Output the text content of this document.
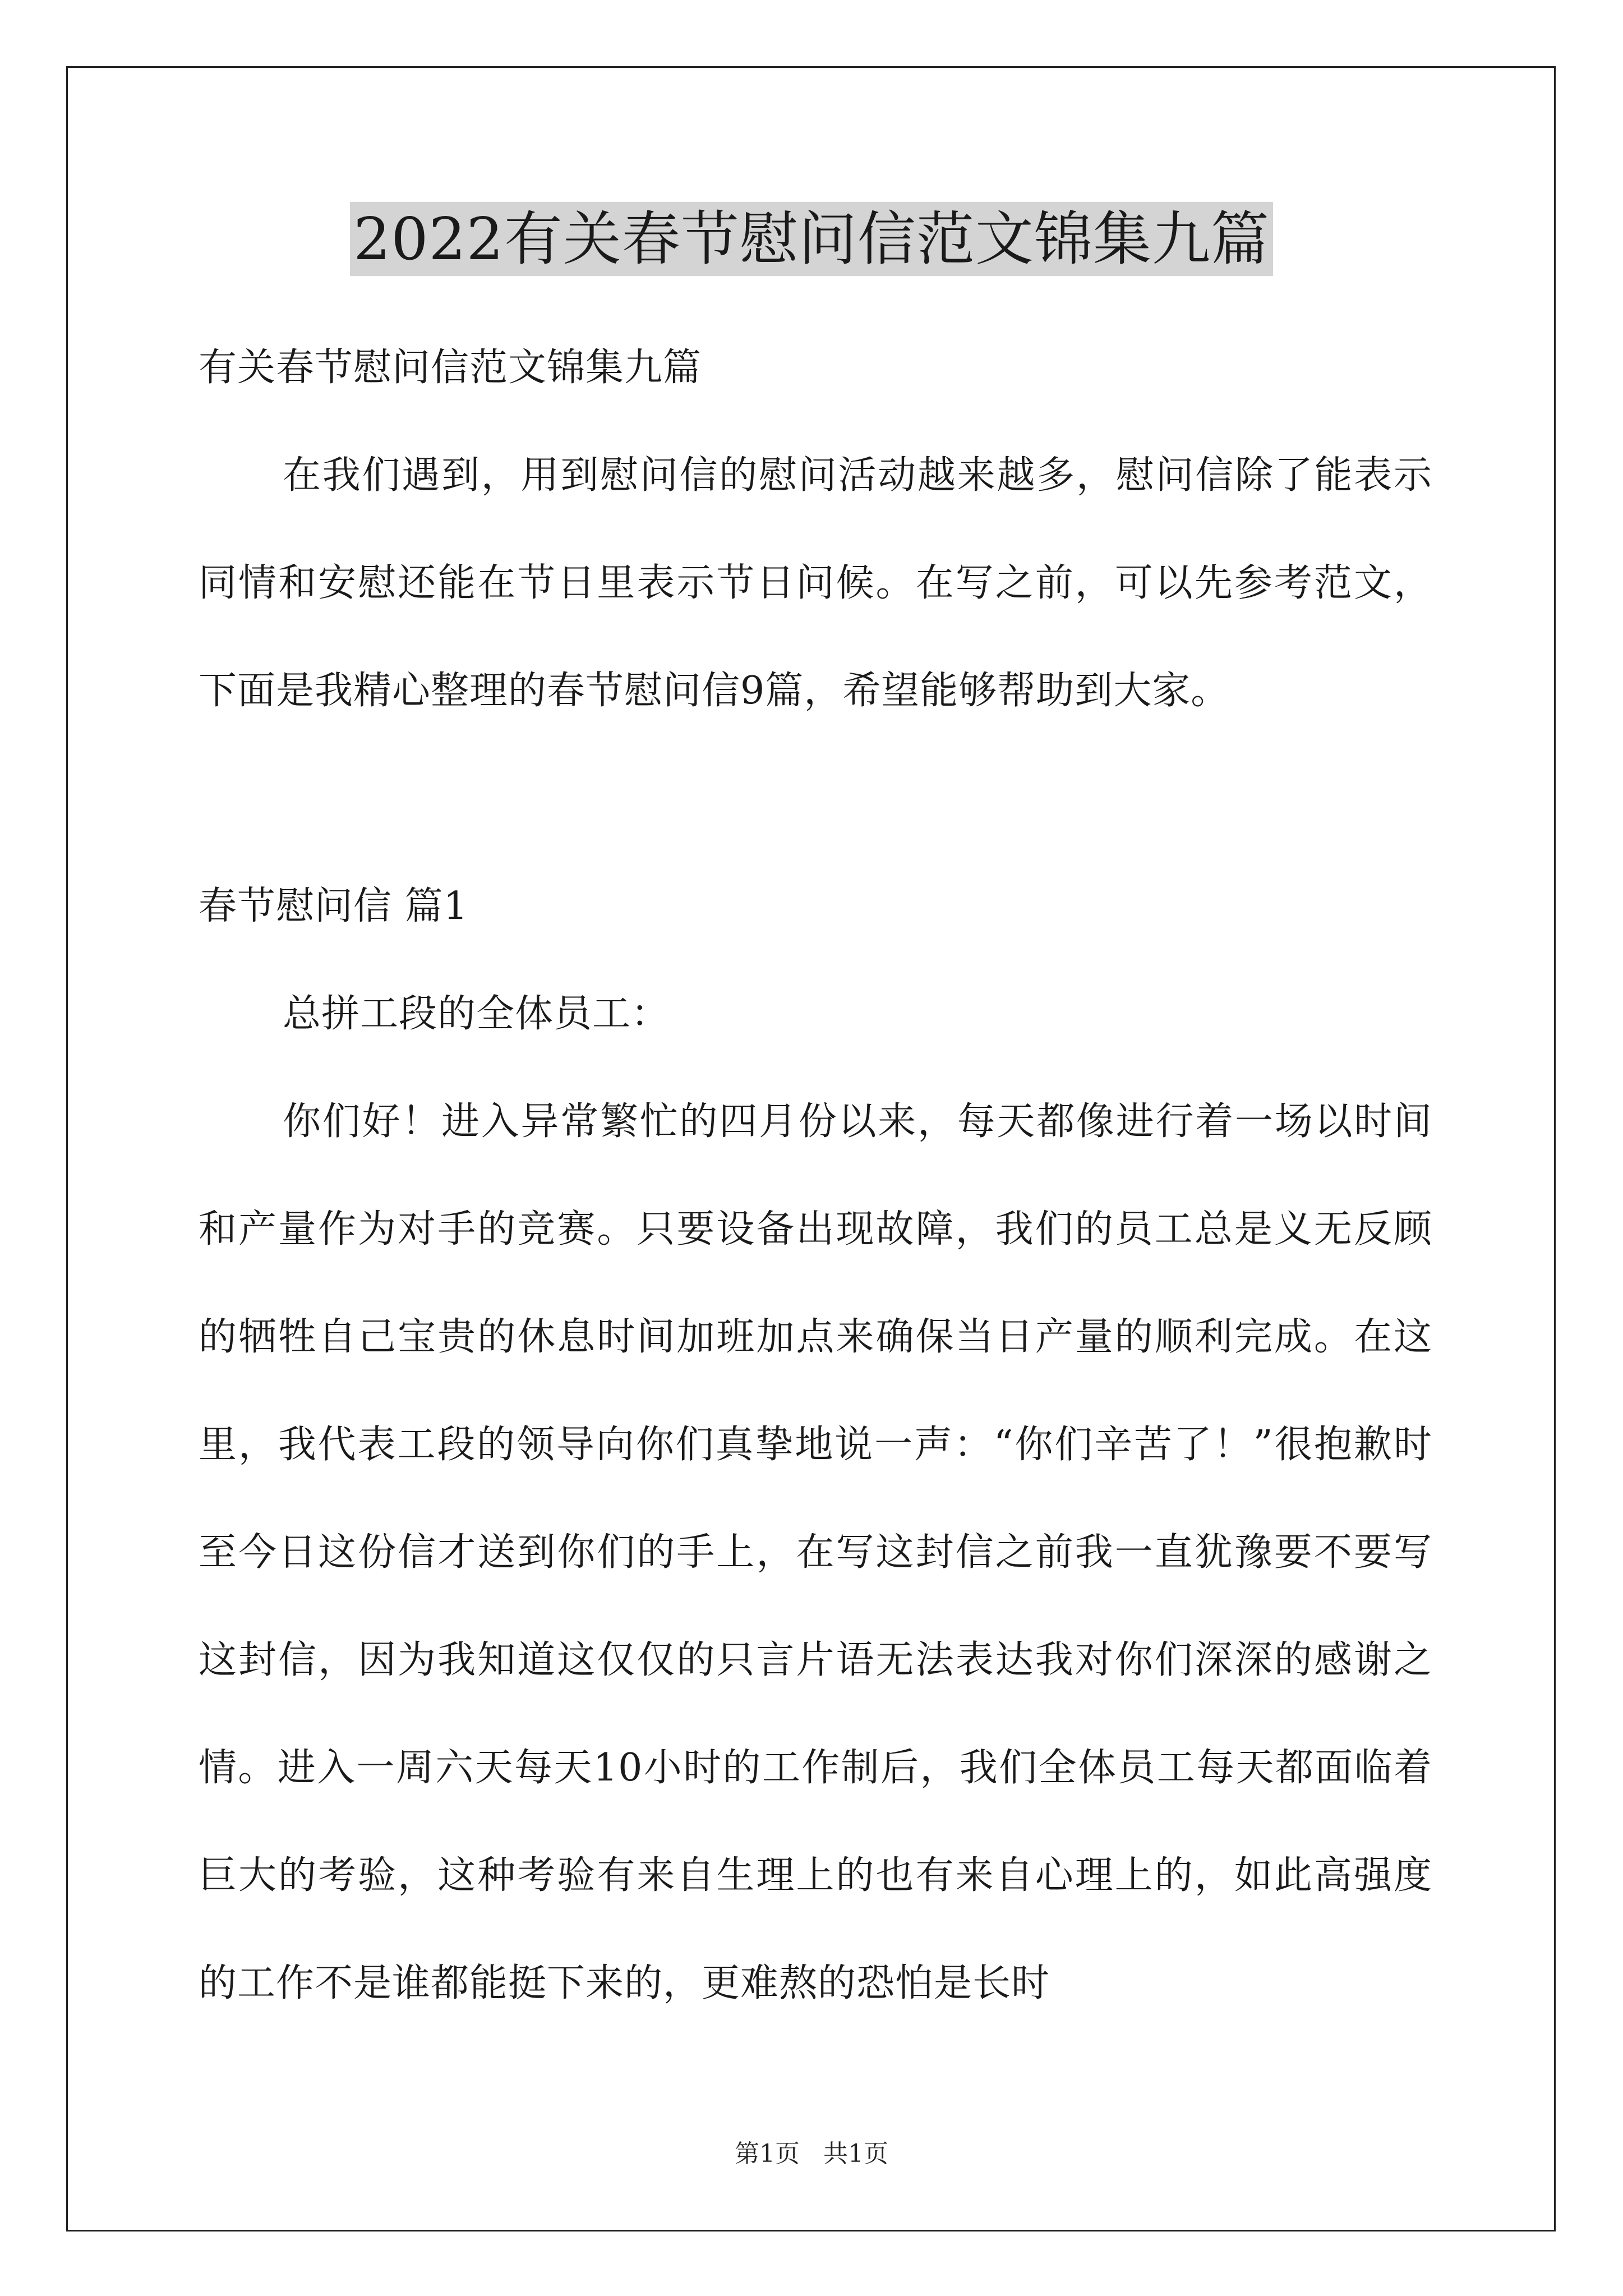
2022有关春节慰问信范文锦集九篇

有关春节慰问信范文锦集九篇

在我们遇到，用到慰问信的慰问活动越来越多，慰问信除了能表示同情和安慰还能在节日里表示节日问候。在写之前，可以先参考范文，下面是我精心整理的春节慰问信9篇，希望能够帮助到大家。

春节慰问信 篇1

总拼工段的全体员工：

你们好！进入异常繁忙的四月份以来，每天都像进行着一场以时间和产量作为对手的竞赛。只要设备出现故障，我们的员工总是义无反顾的牺牲自己宝贵的休息时间加班加点来确保当日产量的顺利完成。在这里，我代表工段的领导向你们真挚地说一声：“你们辛苦了！”很抱歉时至今日这份信才送到你们的手上，在写这封信之前我一直犹豫要不要写这封信，因为我知道这仅仅的只言片语无法表达我对你们深深的感谢之情。进入一周六天每天10小时的工作制后，我们全体员工每天都面临着巨大的考验，这种考验有来自生理上的也有来自心理上的，如此高强度的工作不是谁都能挺下来的，更难熬的恐怕是长时

第1页 共1页
